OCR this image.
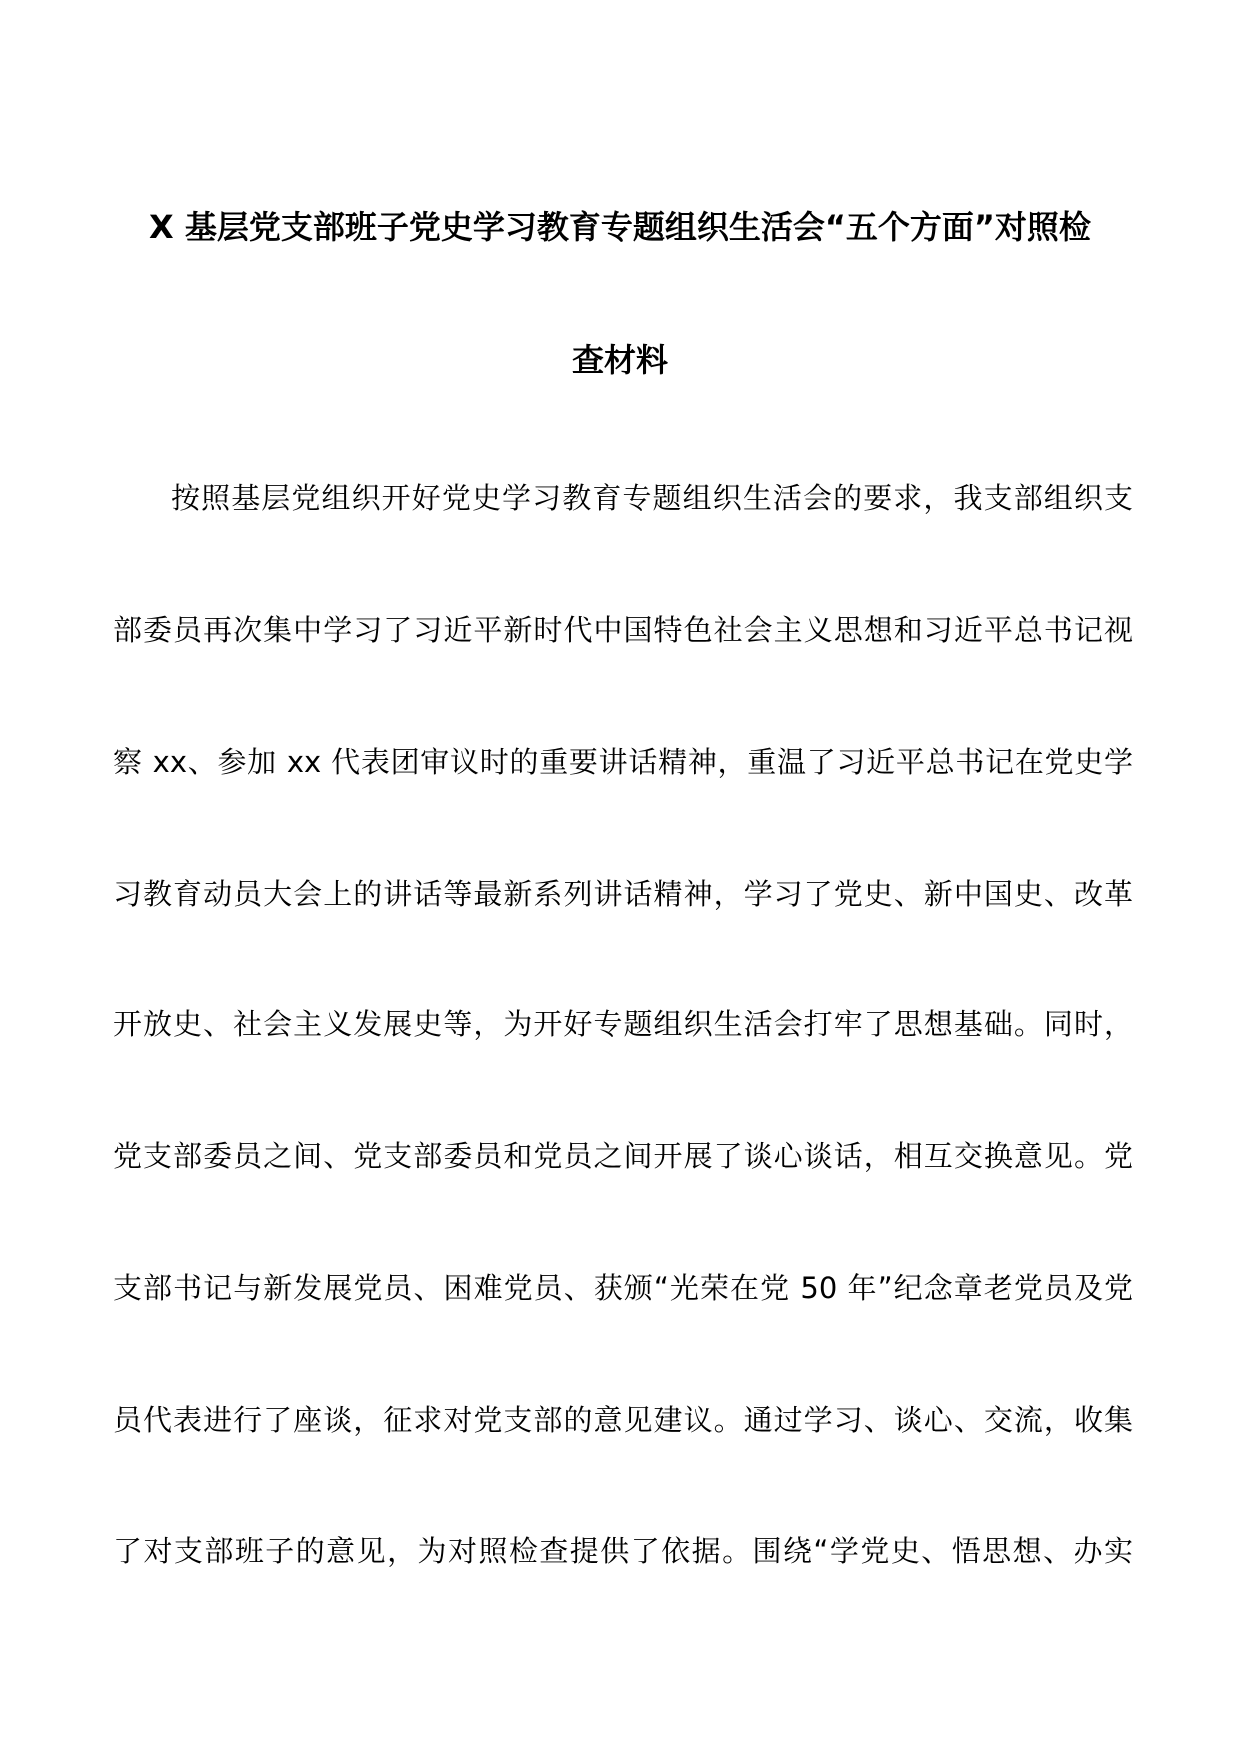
X 基层党支部班子党史学习教育专题组织生活会“五个方面”对照检
查材料
按照基层党组织开好党史学习教育专题组织生活会的要求，我支部组织支
部委员再次集中学习了习近平新时代中国特色社会主义思想和习近平总书记视
察 xx、参加 xx 代表团审议时的重要讲话精神，重温了习近平总书记在党史学
习教育动员大会上的讲话等最新系列讲话精神，学习了党史、新中国史、改革
开放史、社会主义发展史等，为开好专题组织生活会打牢了思想基础。同时，
党支部委员之间、党支部委员和党员之间开展了谈心谈话，相互交换意见。党
支部书记与新发展党员、困难党员、获颁“光荣在党 50 年”纪念章老党员及党
员代表进行了座谈，征求对党支部的意见建议。通过学习、谈心、交流，收集
了对支部班子的意见，为对照检查提供了依据。围绕“学党史、悟思想、办实
